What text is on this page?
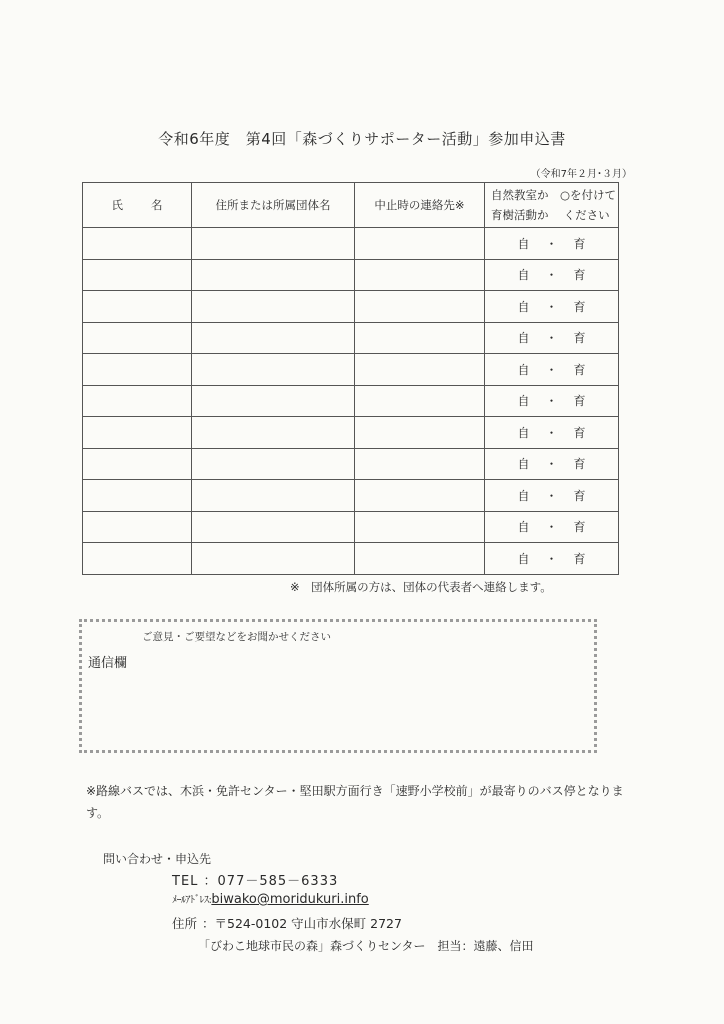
令和6年度　第4回「森づくりサポーター活動」参加申込書
（令和7年２月･３月）
氏名	住所または所属団体名	中止時の連絡先※	自然教室か　 ○を付けて
育樹活動か　 ください

			自 ・ 育
			自 ・ 育
			自 ・ 育
			自 ・ 育
			自 ・ 育
			自 ・ 育
			自 ・ 育
			自 ・ 育
			自 ・ 育
			自 ・ 育
			自 ・ 育
※　団体所属の方は、団体の代表者へ連絡します。
ご意見・ご要望などをお聞かせください
通信欄
※路線バスでは、木浜・免許センター・堅田駅方面行き「速野小学校前」が最寄りのバス停となります。
問い合わせ・申込先
TEL ：077－585－6333
ﾒｰﾙｱﾄﾞﾚｽ:biwako@moridukuri.info
住所 ：〒524-0102 守山市水保町 2727
「びわこ地球市民の森」森づくりセンター　担当：遠藤、信田
